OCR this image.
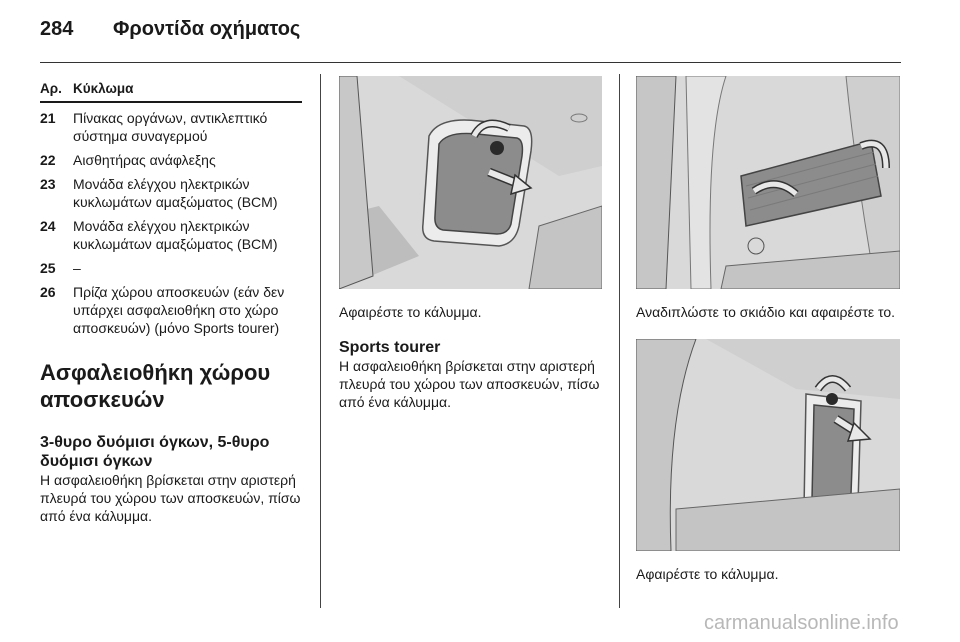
284 Φροντίδα οχήματος
Αρ. Κύκλωμα
21	Πίνακας οργάνων, αντικλεπτικό σύστημα συναγερμού
22	Αισθητήρας ανάφλεξης
23	Μονάδα ελέγχου ηλεκτρικών κυκλωμάτων αμαξώματος (BCM)
24	Μονάδα ελέγχου ηλεκτρικών κυκλωμάτων αμαξώματος (BCM)
25	–
26	Πρίζα χώρου αποσκευών (εάν δεν υπάρχει ασφαλειοθήκη στο χώρο αποσκευών) (μόνο Sports tourer)
Ασφαλειοθήκη χώρου αποσκευών
3-θυρο δυόμισι όγκων, 5-θυρο δυόμισι όγκων
Η ασφαλειοθήκη βρίσκεται στην αριστερή πλευρά του χώρου των αποσκευών, πίσω από ένα κάλυμμα.
Αφαιρέστε το κάλυμμα.
Sports tourer
Η ασφαλειοθήκη βρίσκεται στην αριστερή πλευρά του χώρου των αποσκευών, πίσω από ένα κάλυμμα.
Αναδιπλώστε το σκιάδιο και αφαιρέστε το.
Αφαιρέστε το κάλυμμα.
carmanualsonline.info
